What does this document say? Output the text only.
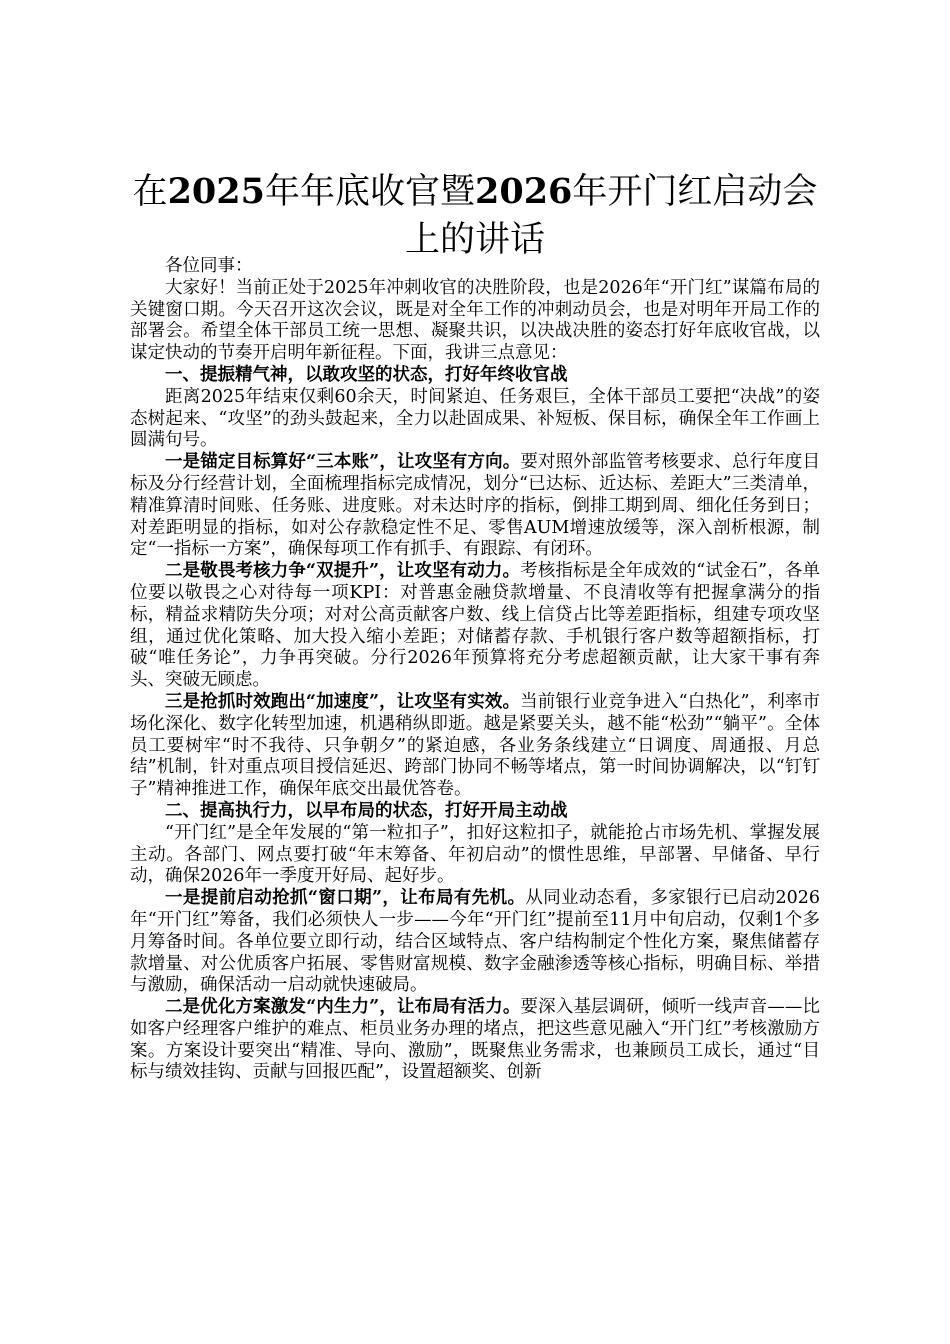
在2025年年底收官暨2026年开门红启动会上的讲话

各位同事：

大家好！当前正处于2025年冲刺收官的决胜阶段，也是2026年“开门红”谋篇布局的关键窗口期。今天召开这次会议，既是对全年工作的冲刺动员会，也是对明年开局工作的部署会。希望全体干部员工统一思想、凝聚共识，以决战决胜的姿态打好年底收官战，以谋定快动的节奏开启明年新征程。下面，我讲三点意见：

一、提振精气神，以敢攻坚的状态，打好年终收官战

距离2025年结束仅剩60余天，时间紧迫、任务艰巨，全体干部员工要把“决战”的姿态树起来、“攻坚”的劲头鼓起来，全力以赴固成果、补短板、保目标，确保全年工作画上圆满句号。

一是锚定目标算好“三本账”，让攻坚有方向。要对照外部监管考核要求、总行年度目标及分行经营计划，全面梳理指标完成情况，划分“已达标、近达标、差距大”三类清单，精准算清时间账、任务账、进度账。对未达时序的指标，倒排工期到周、细化任务到日；对差距明显的指标，如对公存款稳定性不足、零售AUM增速放缓等，深入剖析根源，制定“一指标一方案”，确保每项工作有抓手、有跟踪、有闭环。

二是敬畏考核力争“双提升”，让攻坚有动力。考核指标是全年成效的“试金石”，各单位要以敬畏之心对待每一项KPI：对普惠金融贷款增量、不良清收等有把握拿满分的指标，精益求精防失分项；对对公高贡献客户数、线上信贷占比等差距指标，组建专项攻坚组，通过优化策略、加大投入缩小差距；对储蓄存款、手机银行客户数等超额指标，打破“唯任务论”，力争再突破。分行2026年预算将充分考虑超额贡献，让大家干事有奔头、突破无顾虑。

三是抢抓时效跑出“加速度”，让攻坚有实效。当前银行业竞争进入“白热化”，利率市场化深化、数字化转型加速，机遇稍纵即逝。越是紧要关头，越不能“松劲”“躺平”。全体员工要树牢“时不我待、只争朝夕”的紧迫感，各业务条线建立“日调度、周通报、月总结”机制，针对重点项目授信延迟、跨部门协同不畅等堵点，第一时间协调解决，以“钉钉子”精神推进工作，确保年底交出最优答卷。

二、提高执行力，以早布局的状态，打好开局主动战

“开门红”是全年发展的“第一粒扣子”，扣好这粒扣子，就能抢占市场先机、掌握发展主动。各部门、网点要打破“年末筹备、年初启动”的惯性思维，早部署、早储备、早行动，确保2026年一季度开好局、起好步。

一是提前启动抢抓“窗口期”，让布局有先机。从同业动态看，多家银行已启动2026年“开门红”筹备，我们必须快人一步——今年“开门红”提前至11月中旬启动，仅剩1个多月筹备时间。各单位要立即行动，结合区域特点、客户结构制定个性化方案，聚焦储蓄存款增量、对公优质客户拓展、零售财富规模、数字金融渗透等核心指标，明确目标、举措与激励，确保活动一启动就快速破局。

二是优化方案激发“内生力”，让布局有活力。要深入基层调研，倾听一线声音——比如客户经理客户维护的难点、柜员业务办理的堵点，把这些意见融入“开门红”考核激励方案。方案设计要突出“精准、导向、激励”，既聚焦业务需求，也兼顾员工成长，通过“目标与绩效挂钩、贡献与回报匹配”，设置超额奖、创新
